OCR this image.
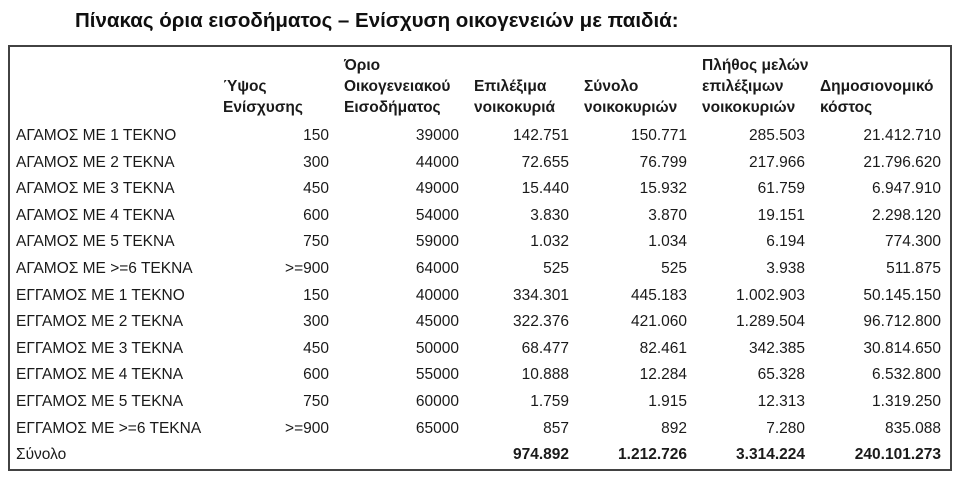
Πίνακας όρια εισοδήματος – Ενίσχυση οικογενειών με παιδιά:
	Ύψος Ενίσχυσης	Όριο Οικογενειακού Εισοδήματος	Επιλέξιμα νοικοκυριά	Σύνολο νοικοκυριών	Πλήθος μελών επιλέξιμων νοικοκυριών	Δημοσιονομικό κόστος
ΑΓΑΜΟΣ ΜΕ 1 ΤΕΚΝΟ	150	39000	142.751	150.771	285.503	21.412.710
ΑΓΑΜΟΣ ΜΕ 2 ΤΕΚΝΑ	300	44000	72.655	76.799	217.966	21.796.620
ΑΓΑΜΟΣ ΜΕ 3 ΤΕΚΝΑ	450	49000	15.440	15.932	61.759	6.947.910
ΑΓΑΜΟΣ ΜΕ 4 ΤΕΚΝΑ	600	54000	3.830	3.870	19.151	2.298.120
ΑΓΑΜΟΣ ΜΕ 5 ΤΕΚΝΑ	750	59000	1.032	1.034	6.194	774.300
ΑΓΑΜΟΣ ΜΕ >=6 ΤΕΚΝΑ	>=900	64000	525	525	3.938	511.875
ΕΓΓΑΜΟΣ ΜΕ 1 ΤΕΚΝΟ	150	40000	334.301	445.183	1.002.903	50.145.150
ΕΓΓΑΜΟΣ ΜΕ 2 ΤΕΚΝΑ	300	45000	322.376	421.060	1.289.504	96.712.800
ΕΓΓΑΜΟΣ ΜΕ 3 ΤΕΚΝΑ	450	50000	68.477	82.461	342.385	30.814.650
ΕΓΓΑΜΟΣ ΜΕ 4 ΤΕΚΝΑ	600	55000	10.888	12.284	65.328	6.532.800
ΕΓΓΑΜΟΣ ΜΕ 5 ΤΕΚΝΑ	750	60000	1.759	1.915	12.313	1.319.250
ΕΓΓΑΜΟΣ ΜΕ >=6 ΤΕΚΝΑ	>=900	65000	857	892	7.280	835.088
Σύνολο			974.892	1.212.726	3.314.224	240.101.273
